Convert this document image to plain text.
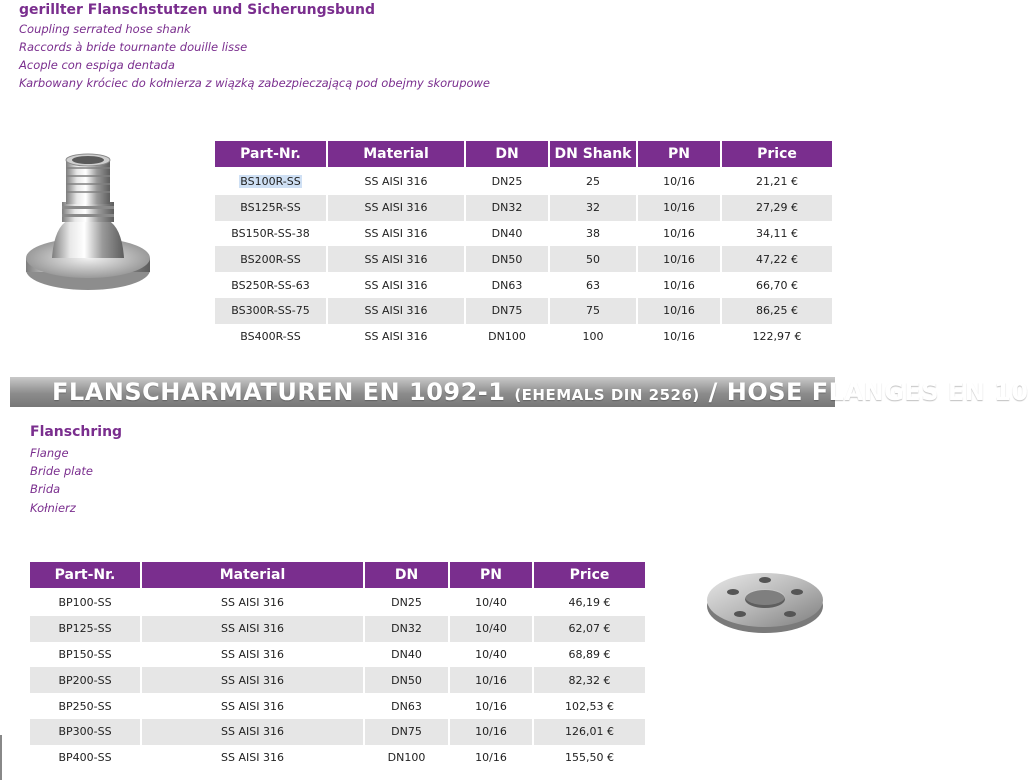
gerillter Flanschstutzen und Sicherungsbund
Coupling serrated hose shank
Raccords à bride tournante douille lisse
Acople con espiga dentada
Karbowany króciec do kołnierza z wiązką zabezpieczającą pod obejmy skorupowe
Part-Nr.	Material	DN	DN Shank	PN	Price
BS100R-SS	SS AISI 316	DN25	25	10/16	21,21 €
BS125R-SS	SS AISI 316	DN32	32	10/16	27,29 €
BS150R-SS-38	SS AISI 316	DN40	38	10/16	34,11 €
BS200R-SS	SS AISI 316	DN50	50	10/16	47,22 €
BS250R-SS-63	SS AISI 316	DN63	63	10/16	66,70 €
BS300R-SS-75	SS AISI 316	DN75	75	10/16	86,25 €
BS400R-SS	SS AISI 316	DN100	100	10/16	122,97 €
FLANSCHARMATUREN EN 1092-1 (EHEMALS DIN 2526) / HOSE FLANGES EN 10
Flanschring
Flange
Bride plate
Brida
Kołnierz
Part-Nr.	Material	DN	PN	Price
BP100-SS	SS AISI 316	DN25	10/40	46,19 €
BP125-SS	SS AISI 316	DN32	10/40	62,07 €
BP150-SS	SS AISI 316	DN40	10/40	68,89 €
BP200-SS	SS AISI 316	DN50	10/16	82,32 €
BP250-SS	SS AISI 316	DN63	10/16	102,53 €
BP300-SS	SS AISI 316	DN75	10/16	126,01 €
BP400-SS	SS AISI 316	DN100	10/16	155,50 €
